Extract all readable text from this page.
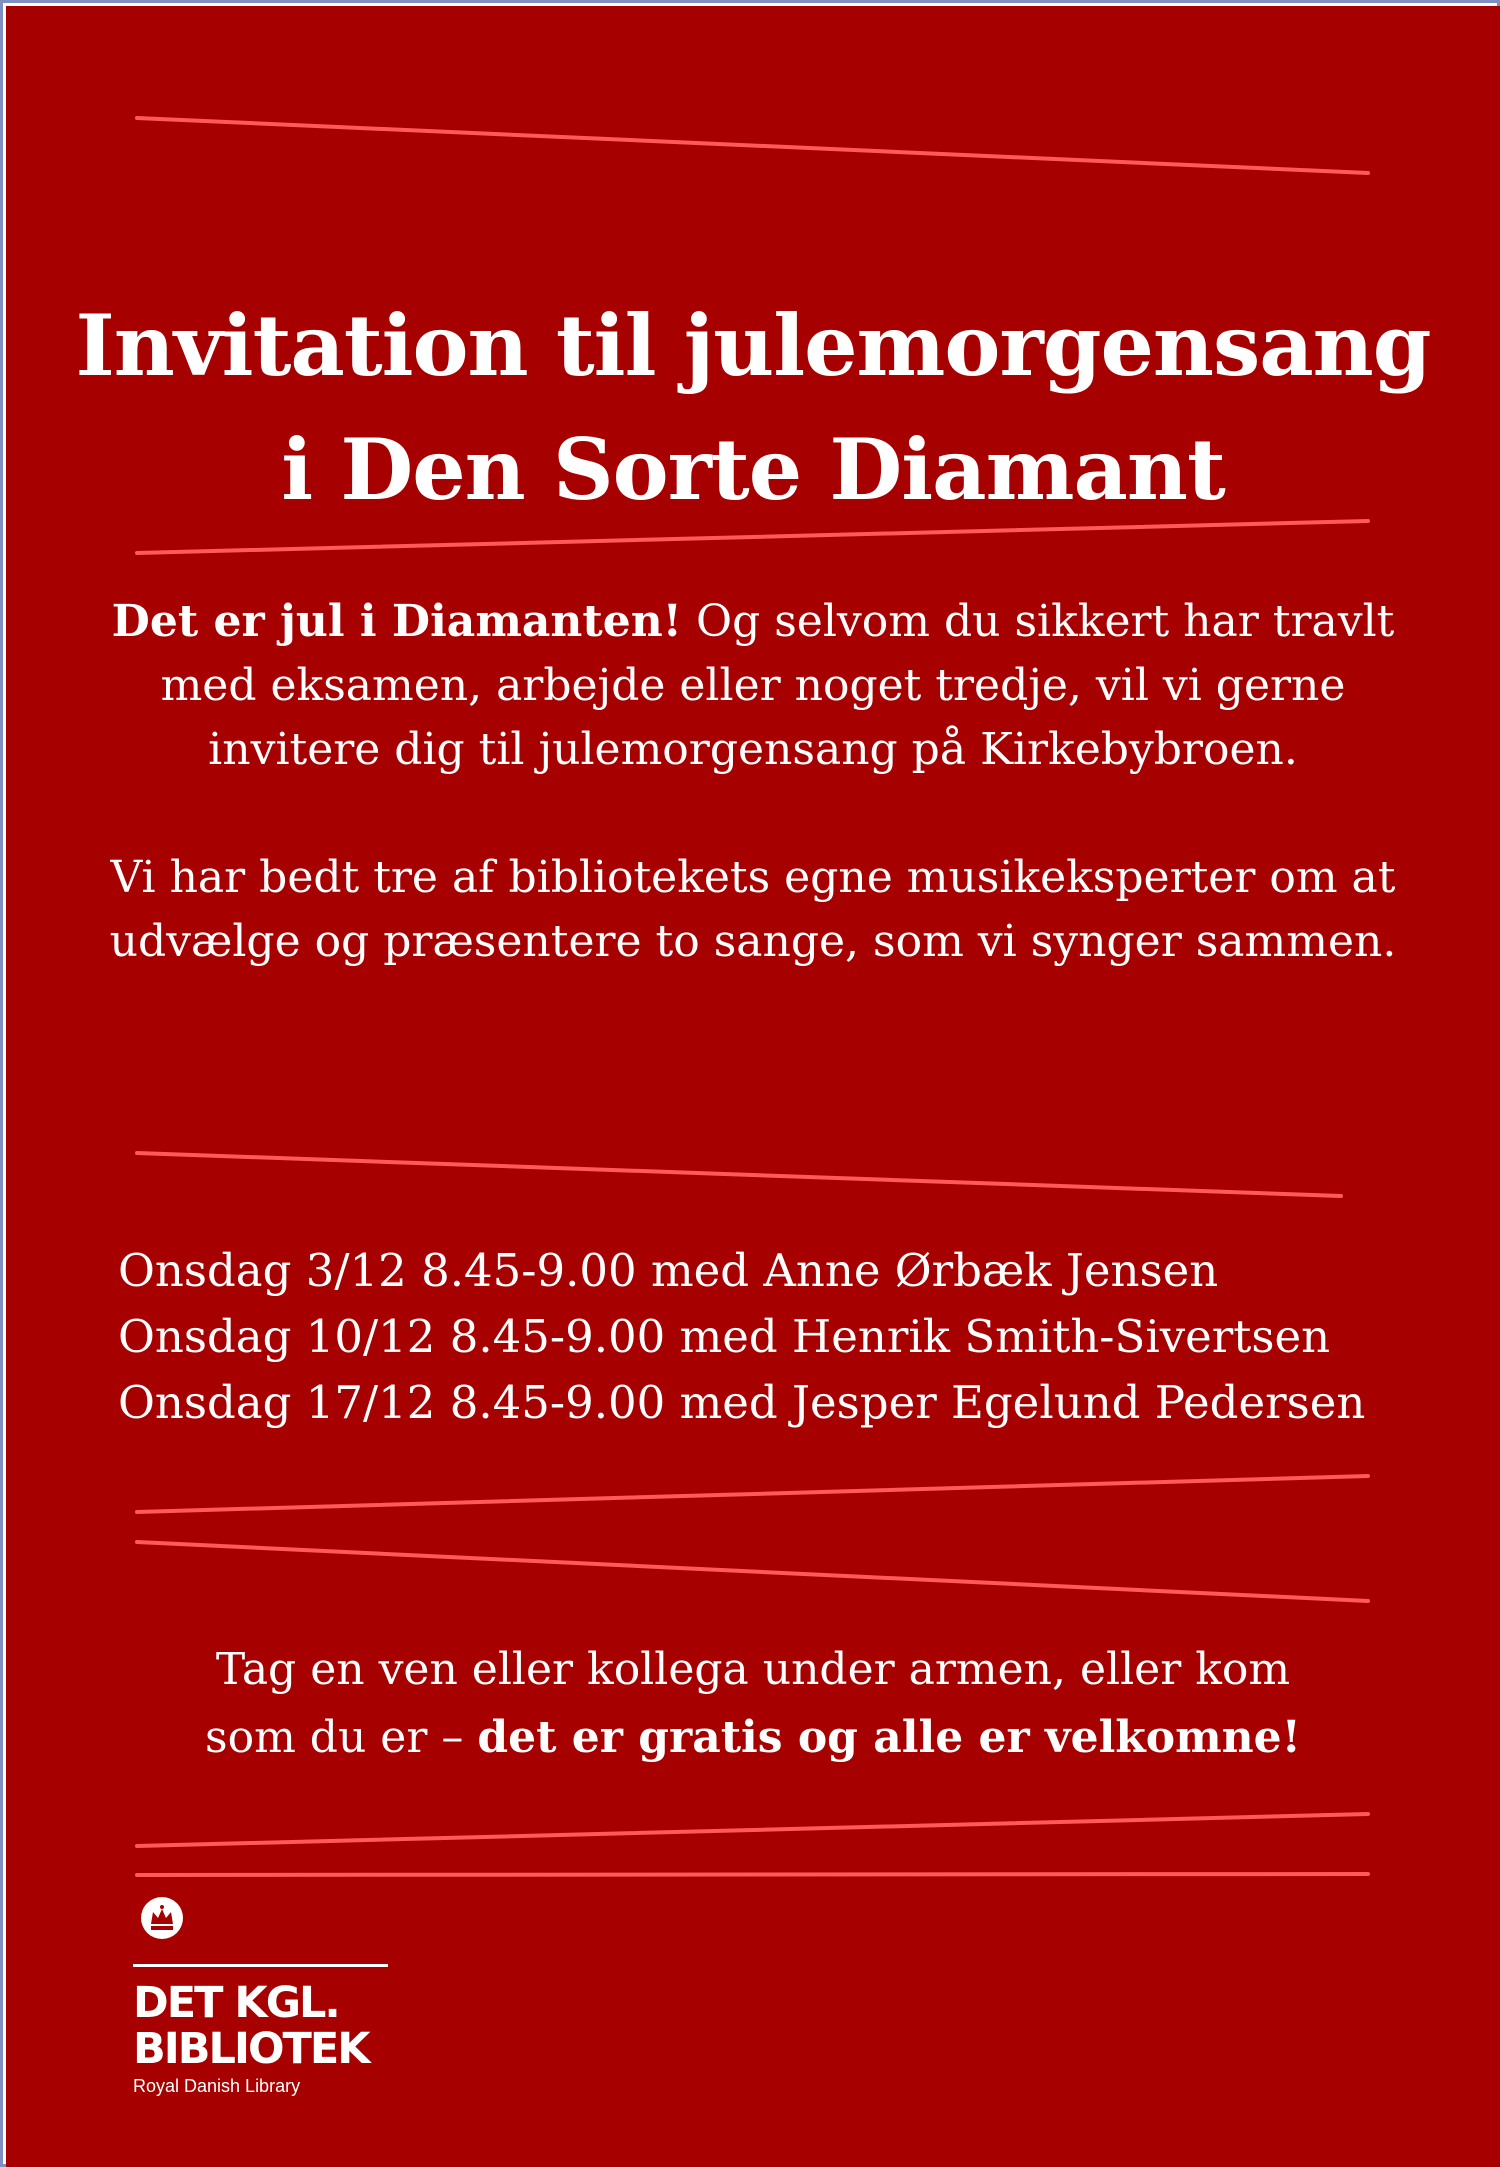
Invitation til julemorgensang
i Den Sorte Diamant

Det er jul i Diamanten! Og selvom du sikkert har travlt med eksamen, arbejde eller noget tredje, vil vi gerne invitere dig til julemorgensang på Kirkebybroen.

Vi har bedt tre af bibliotekets egne musikeksperter om at udvælge og præsentere to sange, som vi synger sammen.

Onsdag 3/12 8.45-9.00 med Anne Ørbæk Jensen
Onsdag 10/12 8.45-9.00 med Henrik Smith-Sivertsen
Onsdag 17/12 8.45-9.00 med Jesper Egelund Pedersen

Tag en ven eller kollega under armen, eller kom

som du er – det er gratis og alle er velkomne!

DET KGL.
BIBLIOTEK
Royal Danish Library
